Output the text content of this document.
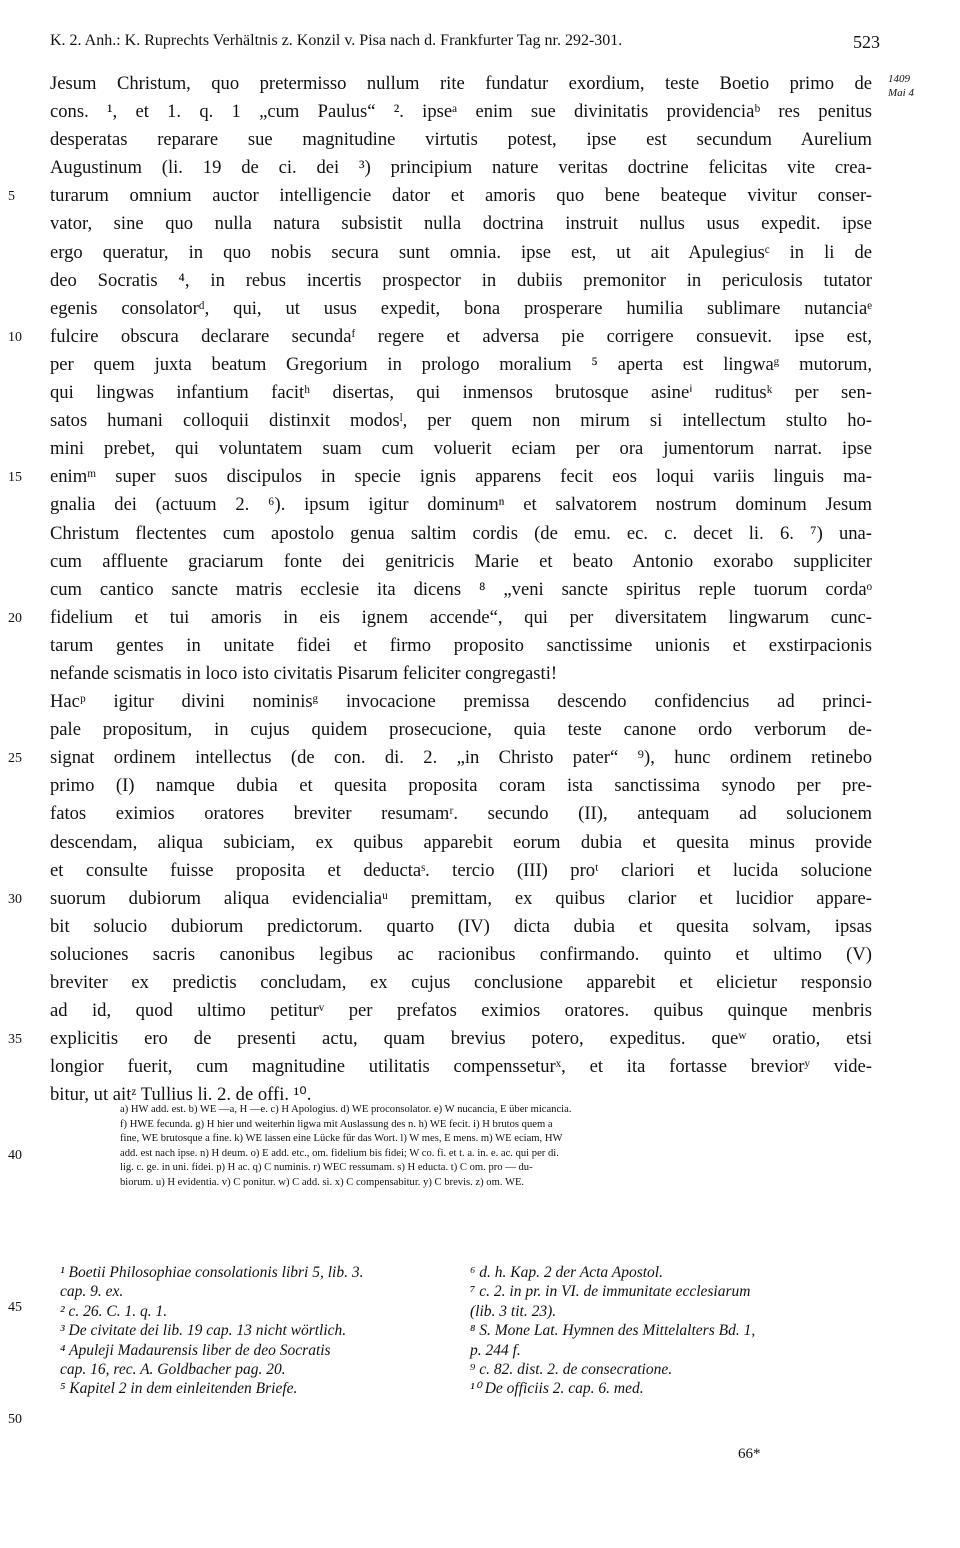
K. 2. Anh.: K. Ruprechts Verhältnis z. Konzil v. Pisa nach d. Frankfurter Tag nr. 292-301.	523
1409
Mai 4
Jesum Christum, quo pretermisso nullum rite fundatur exordium, teste Boetio primo de
cons. ¹, et 1. q. 1 „cum Paulus“ ². ipseᵃ enim sue divinitatis providenciaᵇ res penitus
desperatas reparare sue magnitudine virtutis potest, ipse est secundum Aurelium
Augustinum (li. 19 de ci. dei ³) principium nature veritas doctrine felicitas vite crea-
turarum omnium auctor intelligencie dator et amoris quo bene beateque vivitur conser-
vator, sine quo nulla natura subsistit nulla doctrina instruit nullus usus expedit. ipse
ergo queratur, in quo nobis secura sunt omnia. ipse est, ut ait Apulegiusᶜ in li de
deo Socratis ⁴, in rebus incertis prospector in dubiis premonitor in periculosis tutator
egenis consolatorᵈ, qui, ut usus expedit, bona prosperare humilia sublimare nutanciaᵉ
fulcire obscura declarare secundaᶠ regere et adversa pie corrigere consuevit. ipse est,
per quem juxta beatum Gregorium in prologo moralium ⁵ aperta est lingwaᵍ mutorum,
qui lingwas infantium facitʰ disertas, qui inmensos brutosque asineⁱ ruditusᵏ per sen-
satos humani colloquii distinxit modosˡ, per quem non mirum si intellectum stulto ho-
mini prebet, qui voluntatem suam cum voluerit eciam per ora jumentorum narrat. ipse
enimᵐ super suos discipulos in specie ignis apparens fecit eos loqui variis linguis ma-
gnalia dei (actuum 2. ⁶). ipsum igitur dominumⁿ et salvatorem nostrum dominum Jesum
Christum flectentes cum apostolo genua saltim cordis (de emu. ec. c. decet li. 6. ⁷) una-
cum affluente graciarum fonte dei genitricis Marie et beato Antonio exorabo suppliciter
cum cantico sancte matris ecclesie ita dicens ⁸ „veni sancte spiritus reple tuorum cordaᵒ
fidelium et tui amoris in eis ignem accende“, qui per diversitatem lingwarum cunc-
tarum gentes in unitate fidei et firmo proposito sanctissime unionis et exstirpacionis
nefande scismatis in loco isto civitatis Pisarum feliciter congregasti!
Hacᵖ igitur divini nominisᵍ invocacione premissa descendo confidencius ad princi-
pale propositum, in cujus quidem prosecucione, quia teste canone ordo verborum de-
signat ordinem intellectus (de con. di. 2. „in Christo pater“ ⁹), hunc ordinem retinebo
primo (I) namque dubia et quesita proposita coram ista sanctissima synodo per pre-
fatos eximios oratores breviter resumamʳ. secundo (II), antequam ad solucionem
descendam, aliqua subiciam, ex quibus apparebit eorum dubia et quesita minus provide
et consulte fuisse proposita et deductaˢ. tercio (III) proᵗ clariori et lucida solucione
suorum dubiorum aliqua evidencialiaᵘ premittam, ex quibus clarior et lucidior appare-
bit solucio dubiorum predictorum. quarto (IV) dicta dubia et quesita solvam, ipsas
soluciones sacris canonibus legibus ac racionibus confirmando. quinto et ultimo (V)
breviter ex predictis concludam, ex cujus conclusione apparebit et elicietur responsio
ad id, quod ultimo petiturᵛ per prefatos eximios oratores. quibus quinque menbris
explicitis ero de presenti actu, quam brevius potero, expeditus. queʷ oratio, etsi
longior fuerit, cum magnitudine utilitatis compensseturˣ, et ita fortasse breviorʸ vide-
bitur, ut aitᶻ Tullius li. 2. de offi. ¹⁰.
5
10
15
20
25
30
35
a) HW add. est. b) WE —a, H —e. c) H Apologius. d) WE proconsolator. e) W nucancia, E über micancia.
f) HWE fecunda. g) H hier und weiterhin ligwa mit Auslassung des n. h) WE fecit. i) H brutos quem a
fine, WE brutosque a fine. k) WE lassen eine Lücke für das Wort. l) W mes, E mens. m) WE eciam, HW
add. est nach ipse. n) H deum. o) E add. etc., om. fidelium bis fidei; W co. fi. et t. a. in. e. ac. qui per di.
lig. c. ge. in uni. fidei. p) H ac. q) C numinis. r) WEC ressumam. s) H educta. t) C om. pro — du-
biorum. u) H evidentia. v) C ponitur. w) C add. si. x) C compensabitur. y) C brevis. z) om. WE.
40
45
50
¹ Boetii Philosophiae consolationis libri 5, lib. 3.
cap. 9. ex.
² c. 26. C. 1. q. 1.
³ De civitate dei lib. 19 cap. 13 nicht wörtlich.
⁴ Apuleji Madaurensis liber de deo Socratis
cap. 16, rec. A. Goldbacher pag. 20.
⁵ Kapitel 2 in dem einleitenden Briefe.
⁶ d. h. Kap. 2 der Acta Apostol.
⁷ c. 2. in pr. in VI. de immunitate ecclesiarum
(lib. 3 tit. 23).
⁸ S. Mone Lat. Hymnen des Mittelalters Bd. 1,
p. 244 f.
⁹ c. 82. dist. 2. de consecratione.
¹⁰ De officiis 2. cap. 6. med.
66*
